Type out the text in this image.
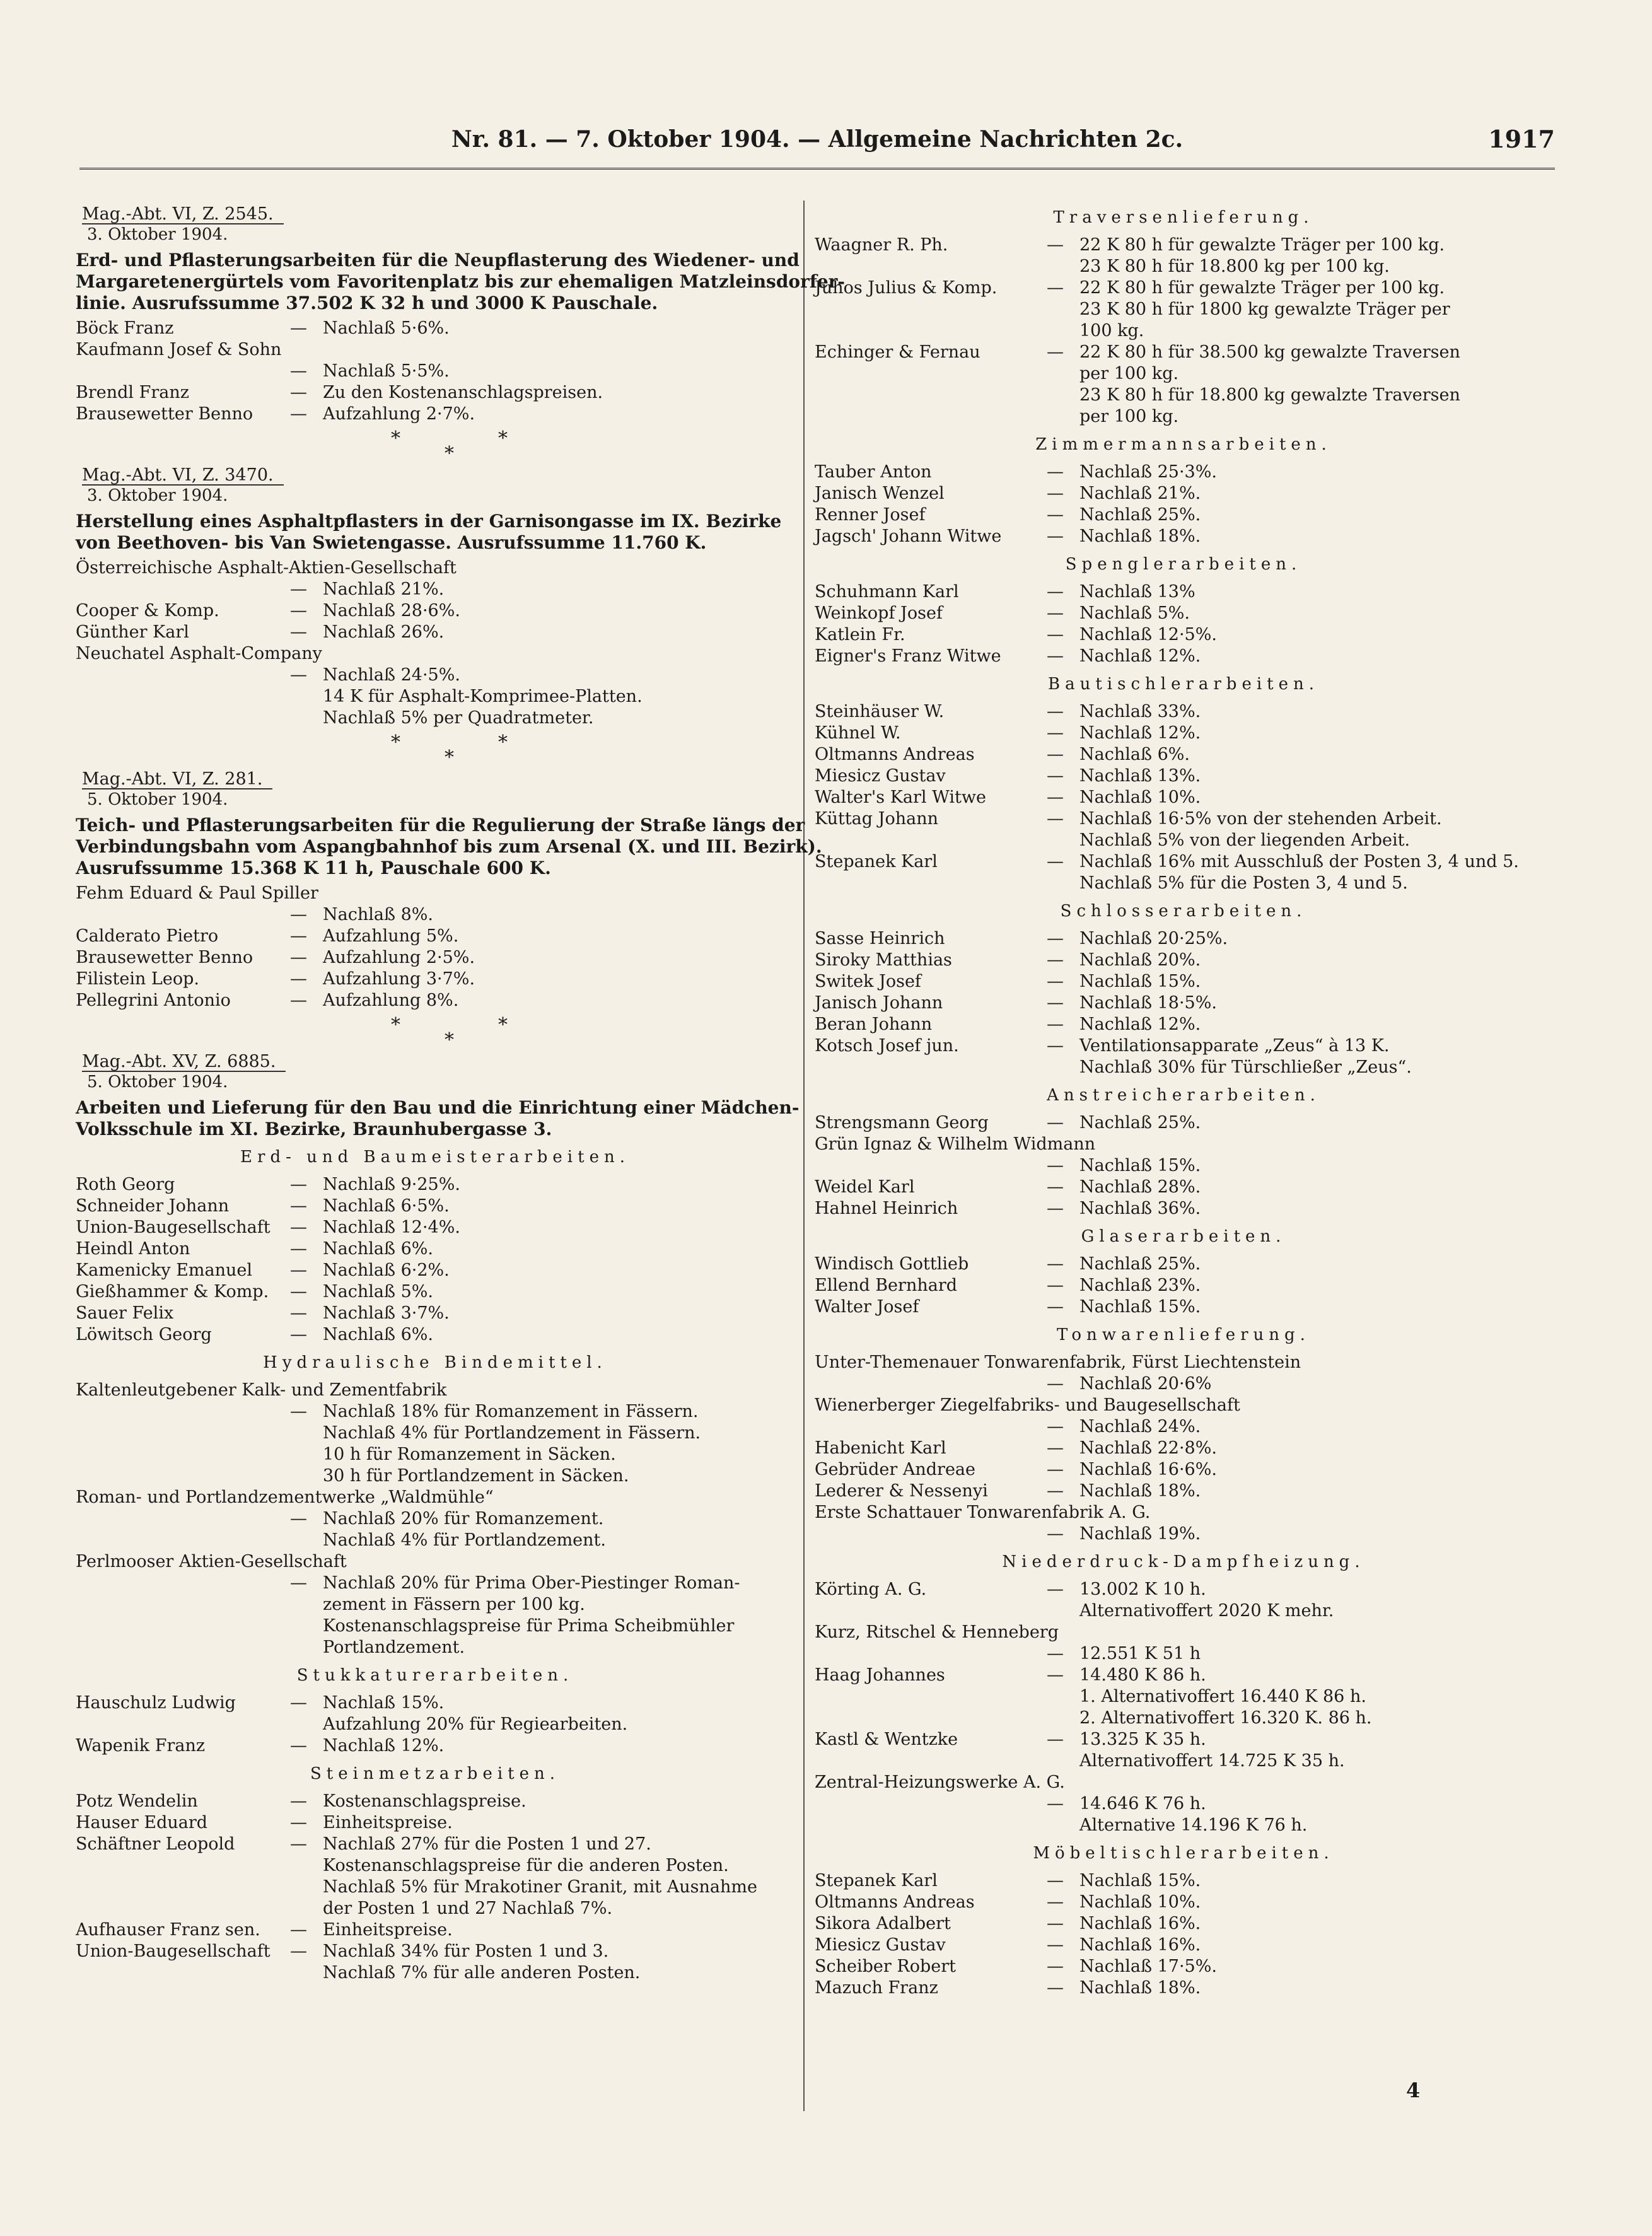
Nr. 81. — 7. Oktober 1904. — Allgemeine Nachrichten 2c.	1917
Mag.-Abt. VI, Z. 2545.
3. Oktober 1904.
Erd- und Pflasterungsarbeiten für die Neupflasterung des Wiedener- und
Margaretenergürtels vom Favoritenplatz bis zur ehemaligen Matzleinsdorfer-
linie. Ausrufssumme 37.502 K 32 h und 3000 K Pauschale.
Böck Franz	— Nachlaß 5·6%.
Kaufmann Josef & Sohn
— Nachlaß 5·5%.
Brendl Franz	— Zu den Kostenanschlagspreisen.
Brausewetter Benno — Aufzahlung 2·7%.
*	*
*
Mag.-Abt. VI, Z. 3470.
3. Oktober 1904.
Herstellung eines Asphaltpflasters in der Garnisongasse im IX. Bezirke
von Beethoven- bis Van Swietengasse. Ausrufssumme 11.760 K.
Österreichische Asphalt-Aktien-Gesellschaft
— Nachlaß 21%.
Cooper & Komp.	— Nachlaß 28·6%.
Günther Karl	— Nachlaß 26%.
Neuchatel Asphalt-Company
— Nachlaß 24·5%.
14 K für Asphalt-Komprimee-Platten.
Nachlaß 5% per Quadratmeter.
*	*
*
Mag.-Abt. VI, Z. 281.
5. Oktober 1904.
Teich- und Pflasterungsarbeiten für die Regulierung der Straße längs der
Verbindungsbahn vom Aspangbahnhof bis zum Arsenal (X. und III. Bezirk).
Ausrufssumme 15.368 K 11 h, Pauschale 600 K.
Fehm Eduard & Paul Spiller
— Nachlaß 8%.
Calderato Pietro	— Aufzahlung 5%.
Brausewetter Benno — Aufzahlung 2·5%.
Filistein Leop.	— Aufzahlung 3·7%.
Pellegrini Antonio	— Aufzahlung 8%.
*	*
*
Mag.-Abt. XV, Z. 6885.
5. Oktober 1904.
Arbeiten und Lieferung für den Bau und die Einrichtung einer Mädchen-
Volksschule im XI. Bezirke, Braunhubergasse 3.
Erd- und Baumeisterarbeiten.
Roth Georg	— Nachlaß 9·25%.
Schneider Johann	— Nachlaß 6·5%.
Union-Baugesellschaft — Nachlaß 12·4%.
Heindl Anton	— Nachlaß 6%.
Kamenicky Emanuel — Nachlaß 6·2%.
Gießhammer & Komp. — Nachlaß 5%.
Sauer Felix	— Nachlaß 3·7%.
Löwitsch Georg	— Nachlaß 6%.
Hydraulische Bindemittel.
Kaltenleutgebener Kalk- und Zementfabrik
— Nachlaß 18% für Romanzement in Fässern.
Nachlaß 4% für Portlandzement in Fässern.
10 h für Romanzement in Säcken.
30 h für Portlandzement in Säcken.
Roman- und Portlandzementwerke „Waldmühle“
— Nachlaß 20% für Romanzement.
Nachlaß 4% für Portlandzement.
Perlmooser Aktien-Gesellschaft
— Nachlaß 20% für Prima Ober-Piestinger Roman-
zement in Fässern per 100 kg.
Kostenanschlagspreise für Prima Scheibmühler
Portlandzement.
Stukkaturerarbeiten.
Hauschulz Ludwig	— Nachlaß 15%.
Aufzahlung 20% für Regiearbeiten.
Wapenik Franz	— Nachlaß 12%.
Steinmetzarbeiten.
Potz Wendelin	— Kostenanschlagspreise.
Hauser Eduard	— Einheitspreise.
Schäftner Leopold	— Nachlaß 27% für die Posten 1 und 27.
Kostenanschlagspreise für die anderen Posten.
Nachlaß 5% für Mrakotiner Granit, mit Ausnahme
der Posten 1 und 27 Nachlaß 7%.
Aufhauser Franz sen. — Einheitspreise.
Union-Baugesellschaft — Nachlaß 34% für Posten 1 und 3.
Nachlaß 7% für alle anderen Posten.
Traversenlieferung.
Waagner R. Ph.	— 22 K 80 h für gewalzte Träger per 100 kg.
23 K 80 h für 18.800 kg per 100 kg.
Juhos Julius & Komp.	— 22 K 80 h für gewalzte Träger per 100 kg.
23 K 80 h für 1800 kg gewalzte Träger per
100 kg.
Echinger & Fernau	— 22 K 80 h für 38.500 kg gewalzte Traversen
per 100 kg.
23 K 80 h für 18.800 kg gewalzte Traversen
per 100 kg.
Zimmermannsarbeiten.
Tauber Anton	— Nachlaß 25·3%.
Janisch Wenzel	— Nachlaß 21%.
Renner Josef	— Nachlaß 25%.
Jagsch' Johann Witwe	— Nachlaß 18%.
Spenglerarbeiten.
Schuhmann Karl	— Nachlaß 13%
Weinkopf Josef	— Nachlaß 5%.
Katlein Fr.	— Nachlaß 12·5%.
Eigner's Franz Witwe	— Nachlaß 12%.
Bautischlerarbeiten.
Steinhäuser W.	— Nachlaß 33%.
Kühnel W.	— Nachlaß 12%.
Oltmanns Andreas	— Nachlaß 6%.
Miesicz Gustav	— Nachlaß 13%.
Walter's Karl Witwe	— Nachlaß 10%.
Küttag Johann	— Nachlaß 16·5% von der stehenden Arbeit.
Nachlaß 5% von der liegenden Arbeit.
Stepanek Karl	— Nachlaß 16% mit Ausschluß der Posten 3, 4 und 5.
Nachlaß 5% für die Posten 3, 4 und 5.
Schlosserarbeiten.
Sasse Heinrich	— Nachlaß 20·25%.
Siroky Matthias	— Nachlaß 20%.
Switek Josef	— Nachlaß 15%.
Janisch Johann	— Nachlaß 18·5%.
Beran Johann	— Nachlaß 12%.
Kotsch Josef jun.	— Ventilationsapparate „Zeus“ à 13 K.
Nachlaß 30% für Türschließer „Zeus“.
Anstreicherarbeiten.
Strengsmann Georg	— Nachlaß 25%.
Grün Ignaz & Wilhelm Widmann
— Nachlaß 15%.
Weidel Karl	— Nachlaß 28%.
Hahnel Heinrich	— Nachlaß 36%.
Glaserarbeiten.
Windisch Gottlieb	— Nachlaß 25%.
Ellend Bernhard	— Nachlaß 23%.
Walter Josef	— Nachlaß 15%.
Tonwarenlieferung.
Unter-Themenauer Tonwarenfabrik, Fürst Liechtenstein
— Nachlaß 20·6%
Wienerberger Ziegelfabriks- und Baugesellschaft
— Nachlaß 24%.
Habenicht Karl	— Nachlaß 22·8%.
Gebrüder Andreae	— Nachlaß 16·6%.
Lederer & Nessenyi	— Nachlaß 18%.
Erste Schattauer Tonwarenfabrik A. G.
— Nachlaß 19%.
Niederdruck-Dampfheizung.
Körting A. G.	— 13.002 K 10 h.
Alternativoffert 2020 K mehr.
Kurz, Ritschel & Henneberg
— 12.551 K 51 h
Haag Johannes	— 14.480 K 86 h.
1. Alternativoffert 16.440 K 86 h.
2. Alternativoffert 16.320 K. 86 h.
Kastl & Wentzke	— 13.325 K 35 h.
Alternativoffert 14.725 K 35 h.
Zentral-Heizungswerke A. G.
— 14.646 K 76 h.
Alternative 14.196 K 76 h.
Möbeltischlerarbeiten.
Stepanek Karl	— Nachlaß 15%.
Oltmanns Andreas	— Nachlaß 10%.
Sikora Adalbert	— Nachlaß 16%.
Miesicz Gustav	— Nachlaß 16%.
Scheiber Robert	— Nachlaß 17·5%.
Mazuch Franz	— Nachlaß 18%.
4
